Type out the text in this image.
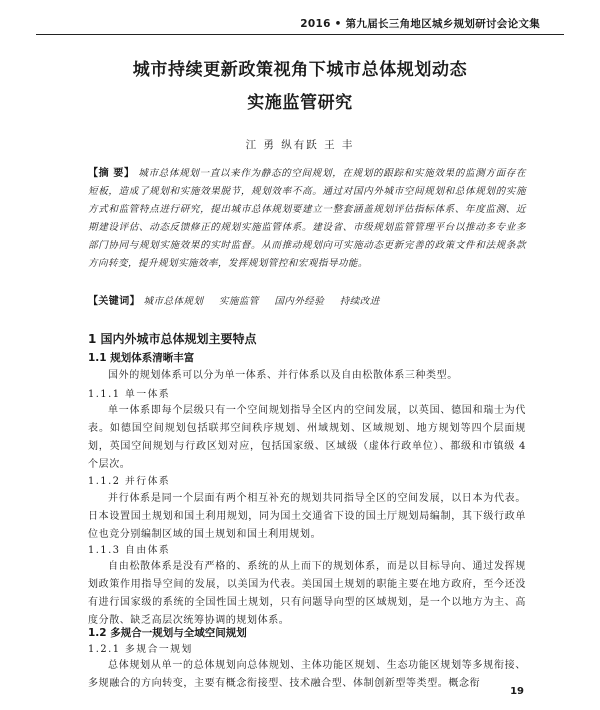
2016 • 第九届长三角地区城乡规划研讨会论文集
城市持续更新政策视角下城市总体规划动态
实施监管研究
江 勇 纵有跃 王 丰
【摘 要】 城市总体规划一直以来作为静态的空间规划，在规划的跟踪和实施效果的监测方面存在短板，造成了规划和实施效果脱节，规划效率不高。通过对国内外城市空间规划和总体规划的实施方式和监管特点进行研究，提出城市总体规划要建立一整套涵盖规划评估指标体系、年度监测、近期建设评估、动态反馈修正的规划实施监管体系。建设省、市级规划监管管理平台以推动多专业多部门协同与规划实施效果的实时监督。从而推动规划向可实施动态更新完善的政策文件和法规条款方向转变，提升规划实施效率，发挥规划管控和宏观指导功能。
【关键词】 城市总体规划 实施监管 国内外经验 持续改进
1 国内外城市总体规划主要特点
1.1 规划体系清晰丰富
国外的规划体系可以分为单一体系、并行体系以及自由松散体系三种类型。
1.1.1 单一体系
单一体系即每个层级只有一个空间规划指导全区内的空间发展，以英国、德国和瑞士为代表。如德国空间规划包括联邦空间秩序规划、州域规划、区域规划、地方规划等四个层面规划，英国空间规划与行政区划对应，包括国家级、区域级（虚体行政单位）、都级和市镇级 4 个层次。
1.1.2 并行体系
并行体系是同一个层面有两个相互补充的规划共同指导全区的空间发展，以日本为代表。日本设置国土规划和国土利用规划，同为国土交通省下设的国土厅规划局编制，其下级行政单位也竞分别编制区域的国土规划和国土利用规划。
1.1.3 自由体系
自由松散体系是没有严格的、系统的从上而下的规划体系，而是以目标导向、通过发挥规划政策作用指导空间的发展，以美国为代表。美国国土规划的职能主要在地方政府，至今还没有进行国家级的系统的全国性国土规划，只有问题导向型的区域规划，是一个以地方为主、高度分散、缺乏高层次统筹协调的规划体系。
1.2 多规合一规划与全域空间规划
1.2.1 多规合一规划
总体规划从单一的总体规划向总体规划、主体功能区规划、生态功能区规划等多规衔接、多规融合的方向转变，主要有概念衔接型、技术融合型、体制创新型等类型。概念衔
19
